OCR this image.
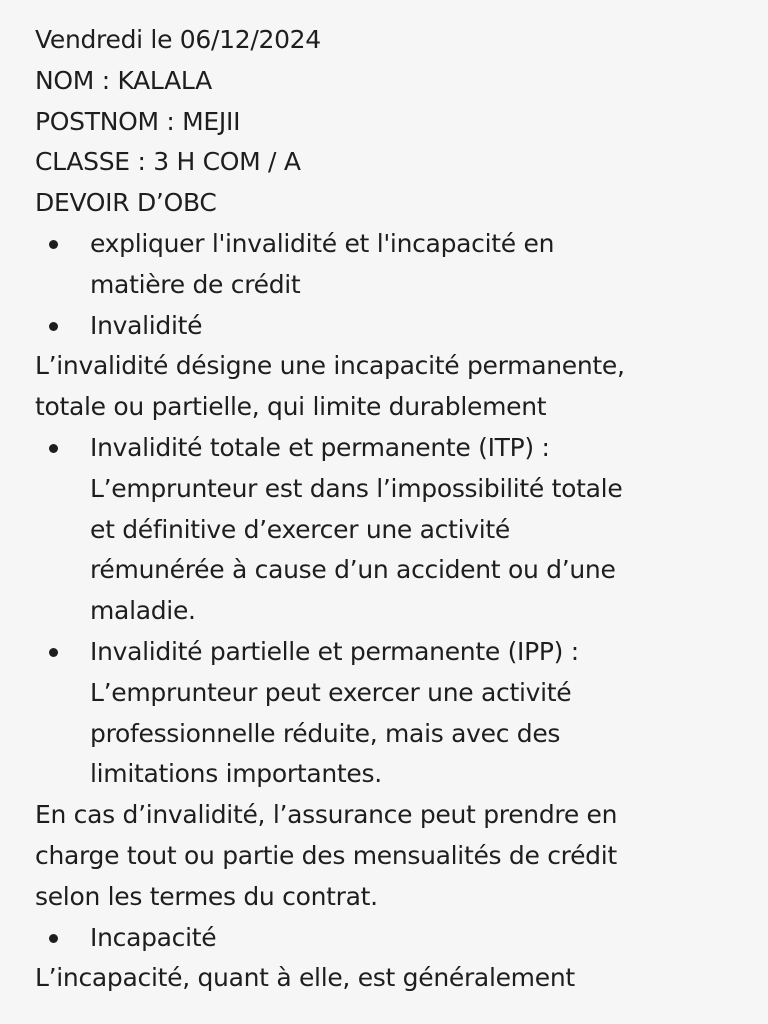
Vendredi le 06/12/2024
NOM : KALALA
POSTNOM : MEJII
CLASSE : 3 H COM / A
DEVOIR D’OBC
expliquer l'invalidité et l'incapacité en
matière de crédit
Invalidité
L’invalidité désigne une incapacité permanente,
totale ou partielle, qui limite durablement
Invalidité totale et permanente (ITP) :
L’emprunteur est dans l’impossibilité totale
et définitive d’exercer une activité
rémunérée à cause d’un accident ou d’une
maladie.
Invalidité partielle et permanente (IPP) :
L’emprunteur peut exercer une activité
professionnelle réduite, mais avec des
limitations importantes.
En cas d’invalidité, l’assurance peut prendre en
charge tout ou partie des mensualités de crédit
selon les termes du contrat.
Incapacité
L’incapacité, quant à elle, est généralement
